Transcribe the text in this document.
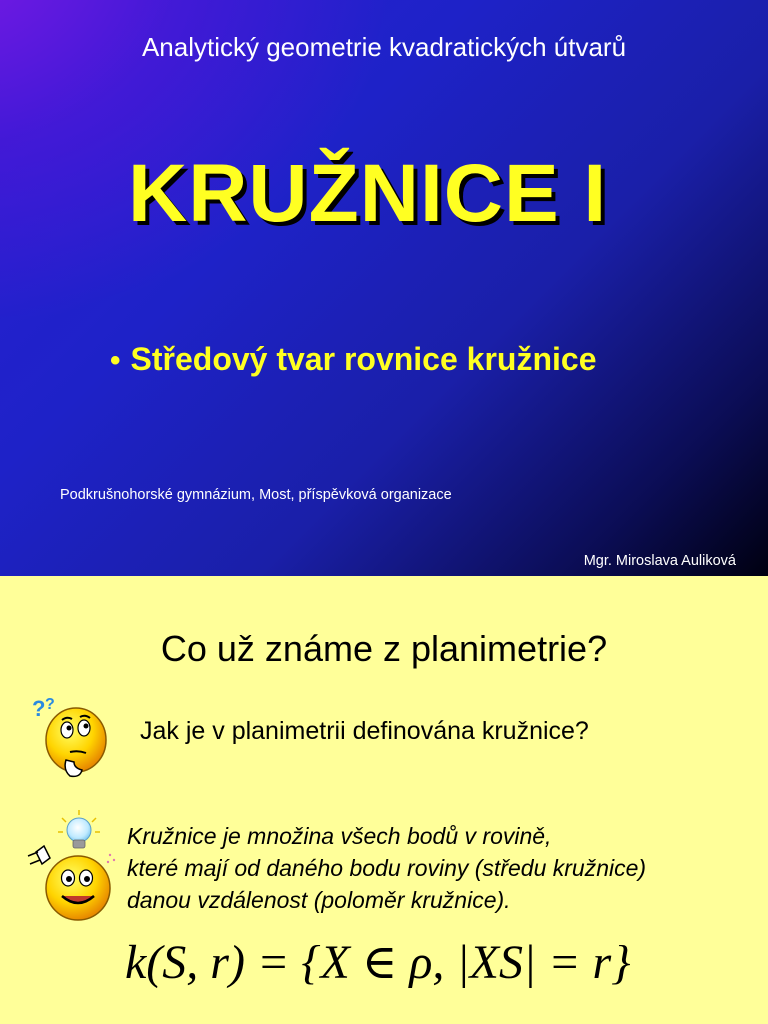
Analytický geometrie kvadratických útvarů
KRUŽNICE I
• Středový tvar rovnice kružnice
Podkrušnohorské gymnázium, Most, příspěvková organizace
Mgr. Miroslava Auliková
Co už známe z planimetrie?
? ?
Jak je v planimetrii definována kružnice?
Kružnice je množina všech bodů v rovině,
které mají od daného bodu roviny (středu kružnice)
danou vzdálenost (poloměr kružnice).
k(S, r) = {X ∈ ρ, |XS| = r}
